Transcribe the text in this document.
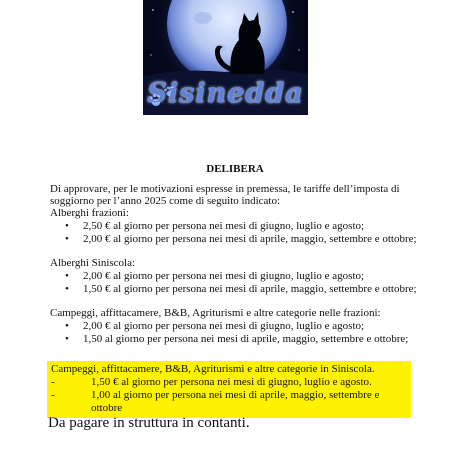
Sisinedda
DELIBERA

Di approvare, per le motivazioni espresse in premessa, le tariffe dell’imposta di soggiorno per l’anno 2025 come di seguito indicato:

Alberghi frazioni:

• 2,50 € al giorno per persona nei mesi di giugno, luglio e agosto;
• 2,00 € al giorno per persona nei mesi di aprile, maggio, settembre e ottobre;

Alberghi Siniscola:

• 2,00 € al giorno per persona nei mesi di giugno, luglio e agosto;
• 1,50 € al giorno per persona nei mesi di aprile, maggio, settembre e ottobre;

Campeggi, affittacamere, B&B, Agriturismi e altre categorie nelle frazioni:

• 2,00 € al giorno per persona nei mesi di giugno, luglio e agosto;
• 1,50 al giorno per persona nei mesi di aprile, maggio, settembre e ottobre;
Campeggi, affittacamere, B&B, Agriturismi e altre categorie in Siniscola.
-	1,50 € al giorno per persona nei mesi di giugno, luglio e agosto.
-	1,00 al giorno per persona nei mesi di aprile, maggio, settembre e ottobre
Da pagare in struttura in contanti.
